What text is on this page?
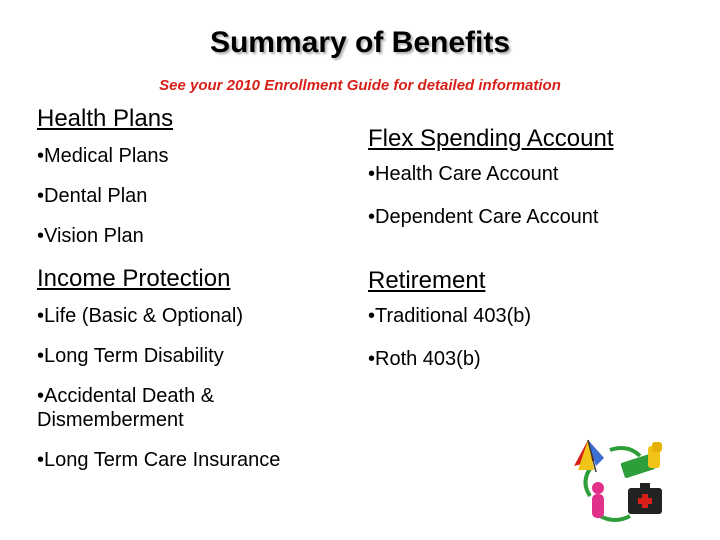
Summary of Benefits
See your 2010 Enrollment Guide for detailed information

Health Plans

•Medical Plans

•Dental Plan

•Vision Plan

Income Protection

•Life (Basic & Optional)

•Long Term Disability

•Accidental Death & Dismemberment

•Long Term Care Insurance

Flex Spending Account

•Health Care Account

•Dependent Care Account

Retirement

•Traditional 403(b)

•Roth 403(b)
